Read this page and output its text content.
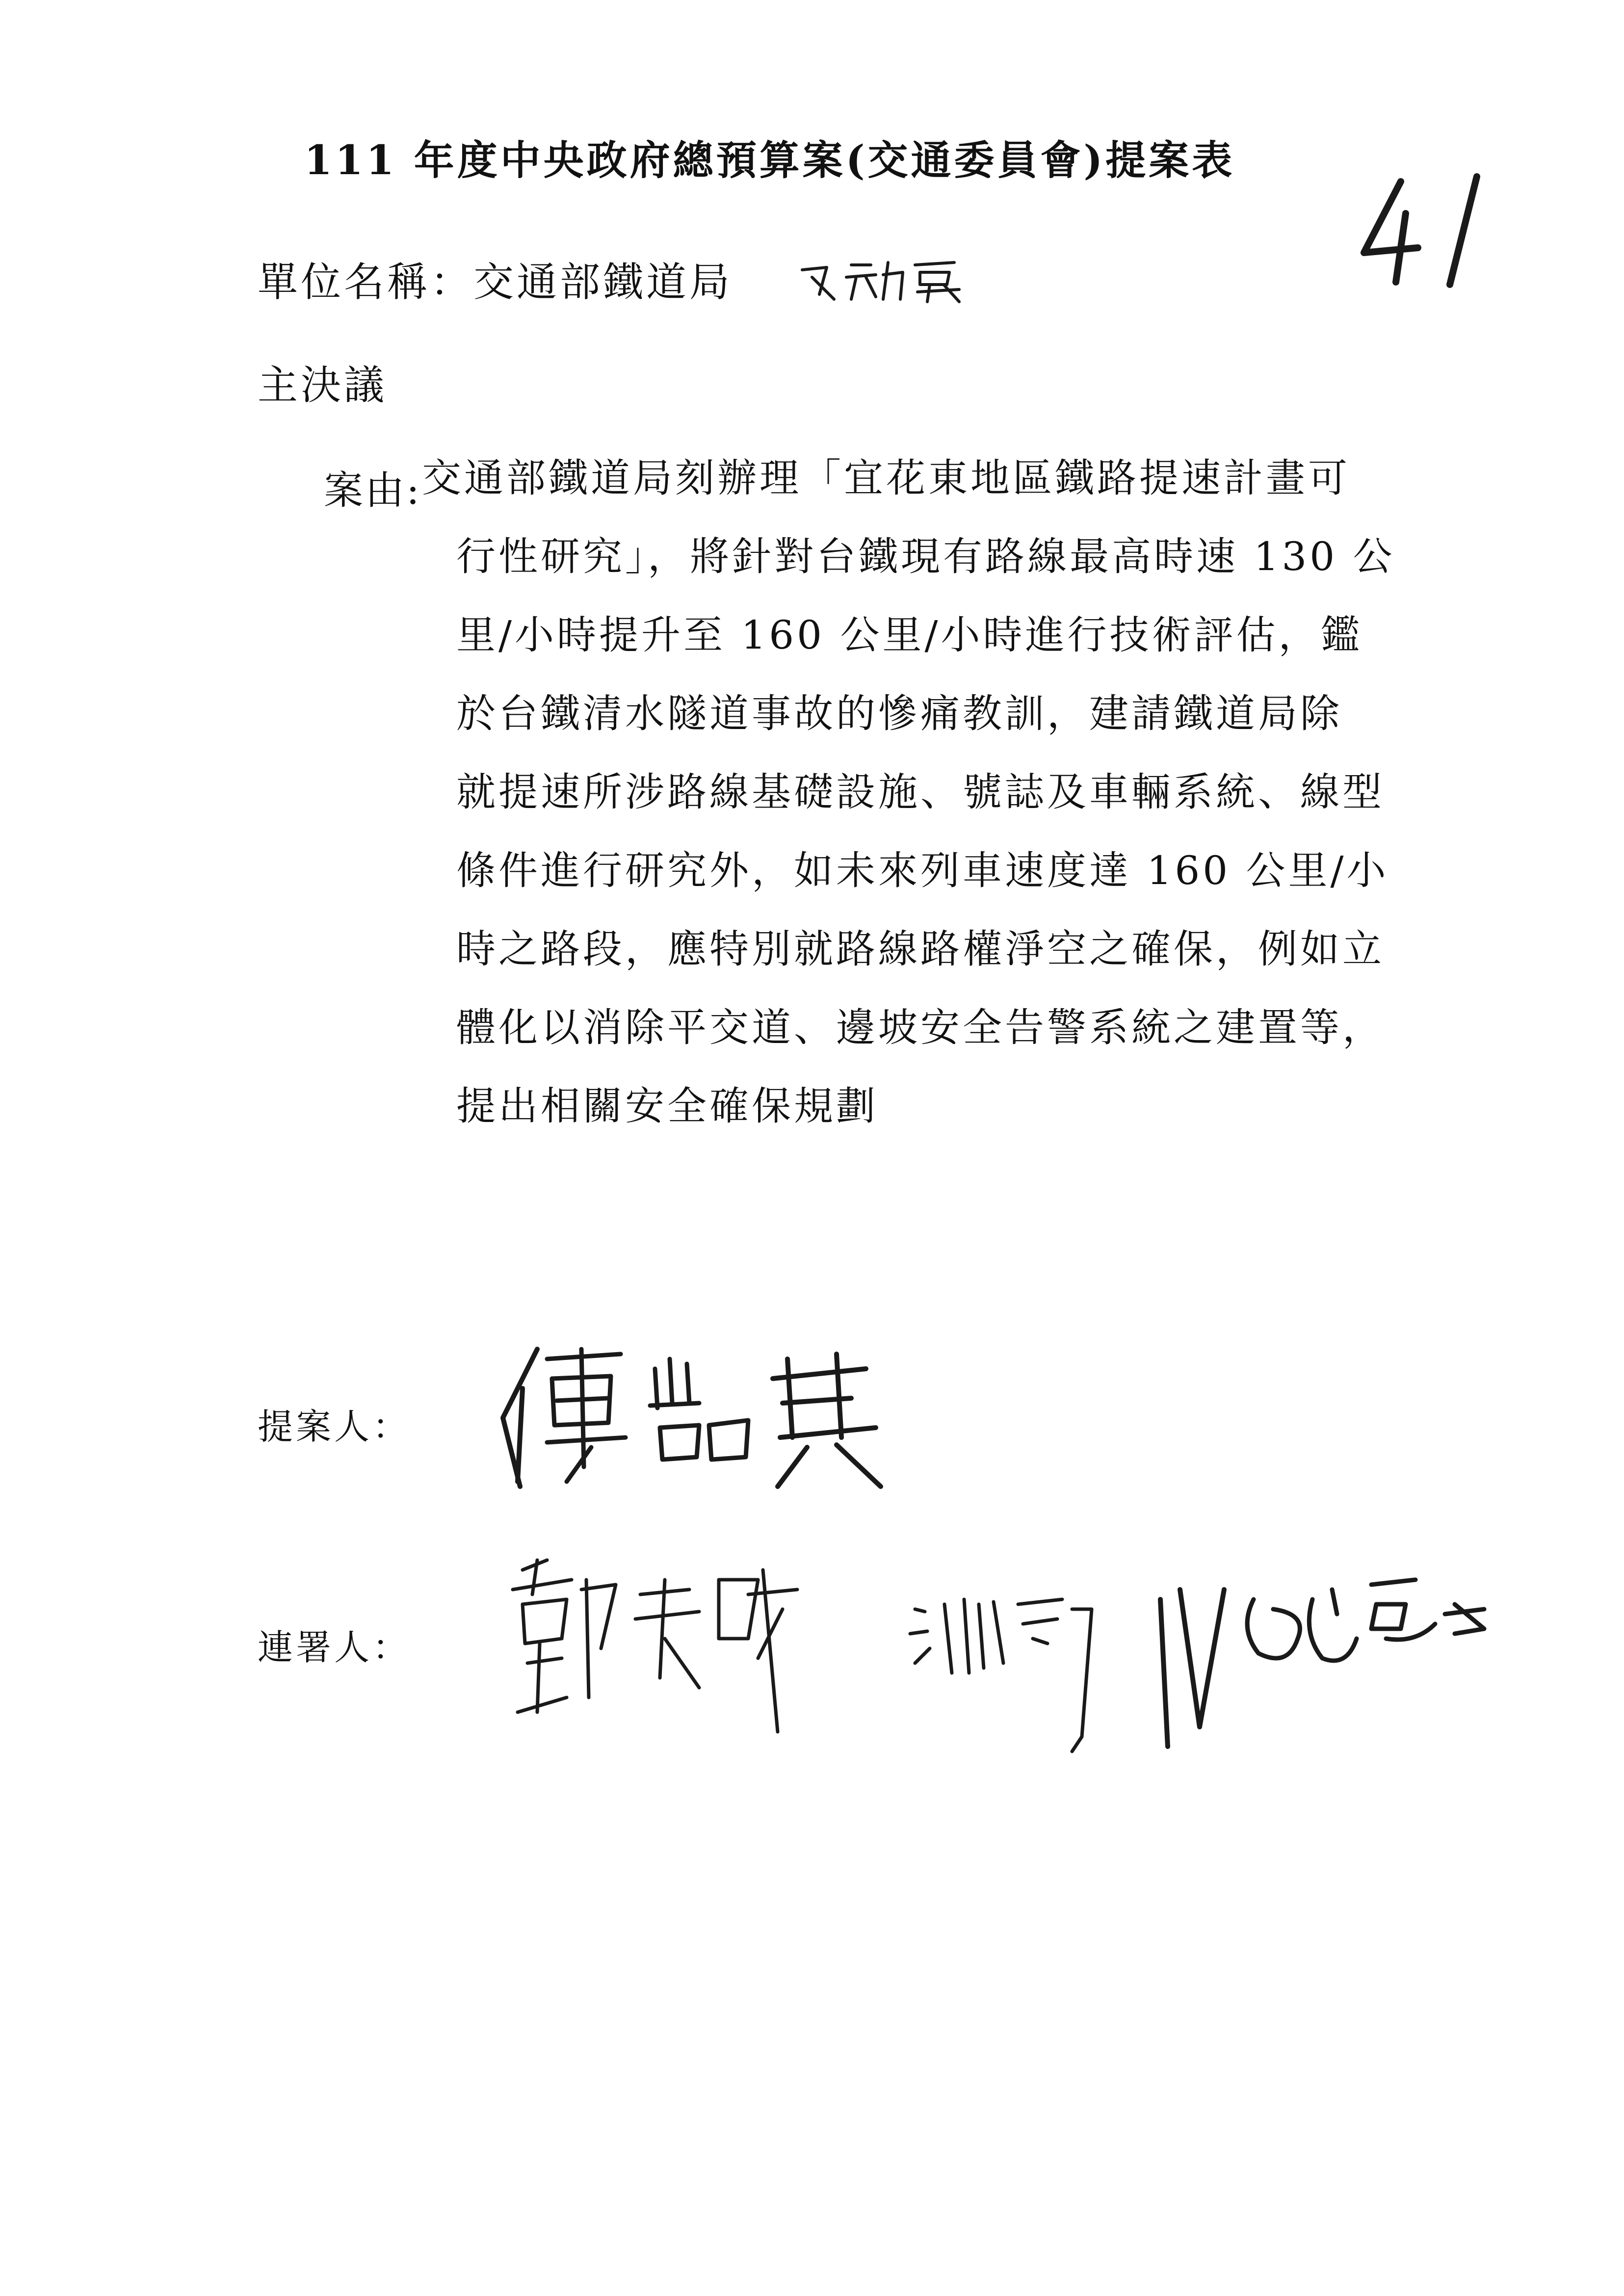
111 年度中央政府總預算案(交通委員會)提案表
單位名稱：交通部鐵道局
主決議
案由: 交通部鐵道局刻辦理「宜花東地區鐵路提速計畫可
行性研究」，將針對台鐵現有路線最高時速 130 公
里/小時提升至 160 公里/小時進行技術評估，鑑
於台鐵清水隧道事故的慘痛教訓，建請鐵道局除
就提速所涉路線基礎設施、號誌及車輛系統、線型
條件進行研究外，如未來列車速度達 160 公里/小
時之路段，應特別就路線路權淨空之確保，例如立
體化以消除平交道、邊坡安全告警系統之建置等，
提出相關安全確保規劃
提案人：
連署人：
